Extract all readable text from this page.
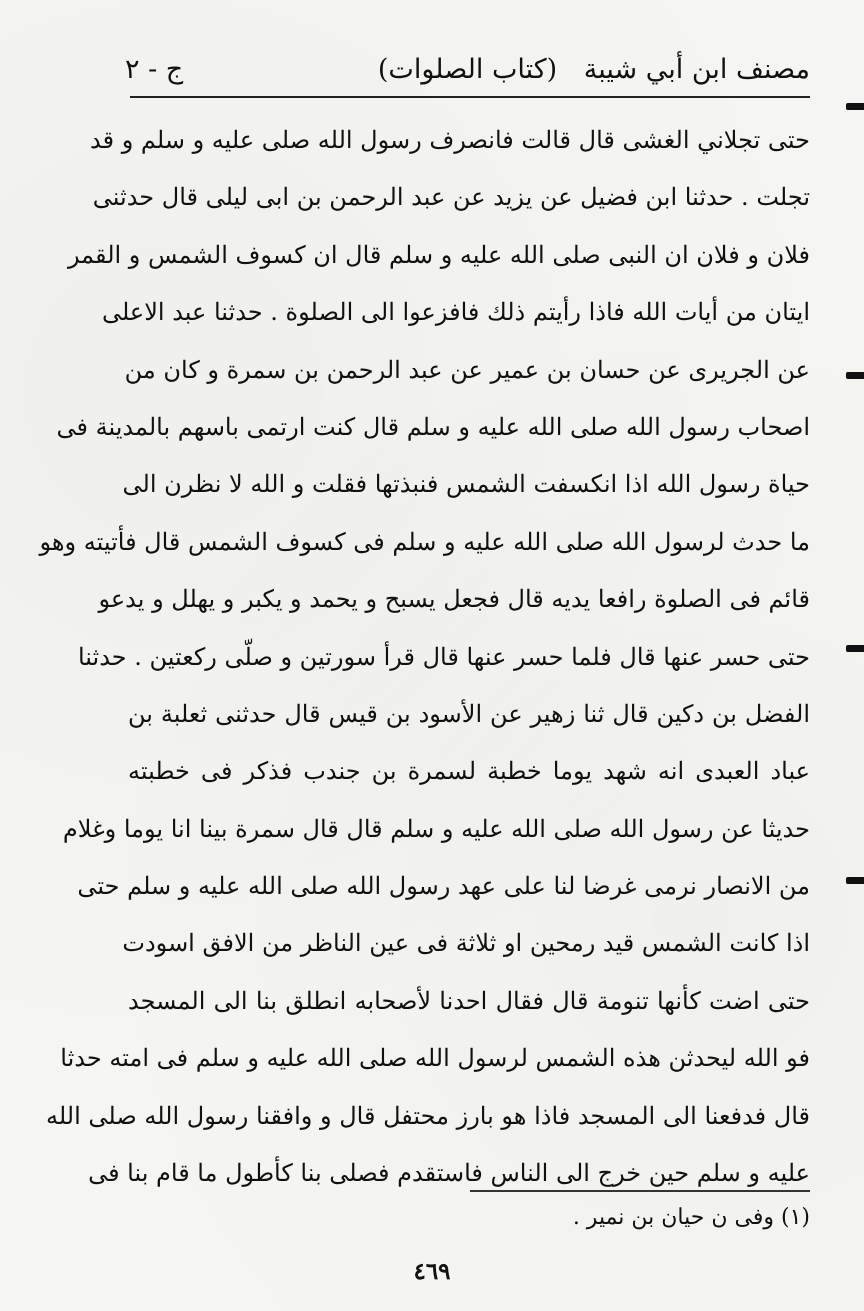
مصنف ابن أبي شيبة
(كتاب الصلوات)
ج - ٢
حتى تجلاني الغشى قال قالت فانصرف رسول الله صلى عليه و سلم و قد
تجلت . حدثنا ابن فضيل عن يزيد عن عبد الرحمن بن ابى ليلى قال حدثنى
فلان و فلان ان النبى صلى الله عليه و سلم قال ان كسوف الشمس و القمر
ايتان من أيات الله فاذا رأيتم ذلك فافزعوا الى الصلوة . حدثنا عبد الاعلى
عن الجريرى عن حسان بن عمير عن عبد الرحمن بن سمرة و كان من
اصحاب رسول الله صلى الله عليه و سلم قال كنت ارتمى باسهم بالمدينة فى
حياة رسول الله اذا انكسفت الشمس فنبذتها فقلت و الله لا نظرن الى
ما حدث لرسول الله صلى الله عليه و سلم فى كسوف الشمس قال فأتيته وهو
قائم فى الصلوة رافعا يديه قال فجعل يسبح و يحمد و يكبر و يهلل و يدعو
حتى حسر عنها قال فلما حسر عنها قال قرأ سورتين و صلّى ركعتين . حدثنا
الفضل بن دكين قال ثنا زهير عن الأسود بن قيس قال حدثنى ثعلبة بن
عباد العبدى انه شهد يوما خطبة لسمرة بن جندب فذكر فى خطبته
حديثا عن رسول الله صلى الله عليه و سلم قال قال سمرة بينا انا يوما وغلام
من الانصار نرمى غرضا لنا على عهد رسول الله صلى الله عليه و سلم حتى
اذا كانت الشمس قيد رمحين او ثلاثة فى عين الناظر من الافق اسودت
حتى اضت كأنها تنومة قال فقال احدنا لأصحابه انطلق بنا الى المسجد
فو الله ليحدثن هذه الشمس لرسول الله صلى الله عليه و سلم فى امته حدثا
قال فدفعنا الى المسجد فاذا هو بارز محتفل قال و وافقنا رسول الله صلى الله
عليه و سلم حين خرج الى الناس فاستقدم فصلى بنا كأطول ما قام بنا فى
(١) وفى ن حيان بن نمير .
٤٦٩
